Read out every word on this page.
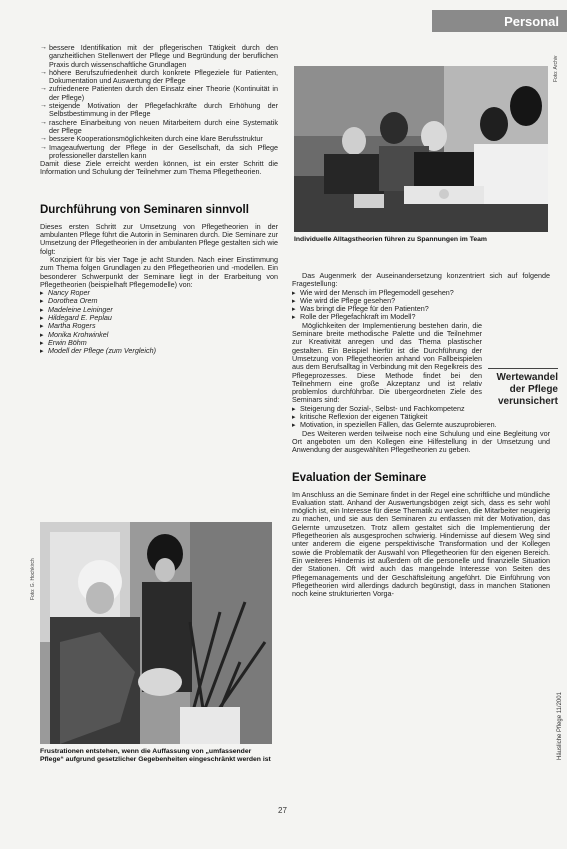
Personal
→ bessere Identifikation mit der pflegerischen Tätigkeit durch den ganzheitlichen Stellenwert der Pflege und Begründung der beruflichen Praxis durch wissenschaftliche Grundlagen
→ höhere Berufszufriedenheit durch konkrete Pflegeziele für Patienten, Dokumentation und Auswertung der Pflege
→ zufriedenere Patienten durch den Einsatz einer Theorie (Kontinuität in der Pflege)
→ steigende Motivation der Pflegefachkräfte durch Erhöhung der Selbstbestimmung in der Pflege
→ raschere Einarbeitung von neuen Mitarbeitern durch eine Systematik der Pflege
→ bessere Kooperationsmöglichkeiten durch eine klare Berufsstruktur
→ Imageaufwertung der Pflege in der Gesellschaft, da sich Pflege professioneller darstellen kann

Damit diese Ziele erreicht werden können, ist ein erster Schritt die Information und Schulung der Teilnehmer zum Thema Pflegetheorien.

Durchführung von Seminaren sinnvoll

Dieses ersten Schritt zur Umsetzung von Pflegetheorien in der ambulanten Pflege führt die Autorin in Seminaren durch. Die Seminare zur Umsetzung der Pflegetheorien in der ambulanten Pflege gestalten sich wie folgt:

Konzipiert für bis vier Tage je acht Stunden. Nach einer Einstimmung zum Thema folgen Grundlagen zu den Pflegetheorien und -modellen. Ein besonderer Schwerpunkt der Seminare liegt in der Erarbeitung von Pflegetheorien (beispielhaft Pflegemodelle) von:

▸ Nancy Roper
▸ Dorothea Orem
▸ Madeleine Leininger
▸ Hildegard E. Peplau
▸ Martha Rogers
▸ Monika Krohwinkel
▸ Erwin Böhm
▸ Modell der Pflege (zum Vergleich)
Foto: Archiv
Individuelle Alltagstheorien führen zu Spannungen im Team

Das Augenmerk der Auseinandersetzung konzentriert sich auf folgende Fragestellung:

▸ Wie wird der Mensch im Pflegemodell gesehen?
▸ Wie wird die Pflege gesehen?
▸ Was bringt die Pflege für den Patienten?
▸ Rolle der Pflegefachkraft im Modell?

Möglichkeiten der Implementierung bestehen darin, die Seminare breite methodische Palette und die Teilnehmer zur Kreativität anregen und das Thema plastischer gestalten. Ein Beispiel hierfür ist die Durchführung der Umsetzung von Pflegetheorien anhand von Fallbeispielen aus dem Berufsalltag in Verbindung mit den Regelkreis des Pflegeprozesses. Diese Methode findet bei den Teilnehmern eine große Akzeptanz und ist relativ problemlos durchführbar. Die übergeordneten Ziele des Seminars sind:

▸ Steigerung der Sozial-, Selbst- und Fachkompetenz
▸ kritische Reflexion der eigenen Tätigkeit
▸ Motivation, in speziellen Fällen, das Gelernte auszuprobieren.

Des Weiteren werden teilweise noch eine Schulung und eine Begleitung vor Ort angeboten um den Kollegen eine Hilfestellung in der Umsetzung und Anwendung der ausgewählten Pflegetheorien zu geben.

Evaluation der Seminare

Im Anschluss an die Seminare findet in der Regel eine schriftliche und mündliche Evaluation statt. Anhand der Auswertungsbögen zeigt sich, dass es sehr wohl möglich ist, ein Interesse für diese Thematik zu wecken, die Mitarbeiter neugierig zu machen, und sie aus den Seminaren zu entlassen mit der Motivation, das Gelernte umzusetzen. Trotz allem gestaltet sich die Implementierung der Pflegetheorien als ausgesprochen schwierig. Hindernisse auf diesem Weg sind unter anderem die eigene perspektivische Transformation und der Kollegen sowie die Problematik der Auswahl von Pflegetheorien für den eigenen Bereich. Ein weiteres Hindernis ist außerdem oft die personelle und finanzielle Situation der Stationen. Oft wird auch das mangelnde Interesse von Seiten des Pflegemanagements und der Geschäftsleitung angeführt. Die Einführung von Pflegetheorien wird allerdings dadurch begünstigt, dass in manchen Stationen noch keine strukturierten Vorga-

Wertewandel
der Pflege
verunsichert
Foto: G. Hochkirch
Frustrationen entstehen, wenn die Auffassung von „umfassender Pflege“ aufgrund gesetzlicher Gegebenheiten eingeschränkt werden ist
27
Häusliche Pflege 11/2001
